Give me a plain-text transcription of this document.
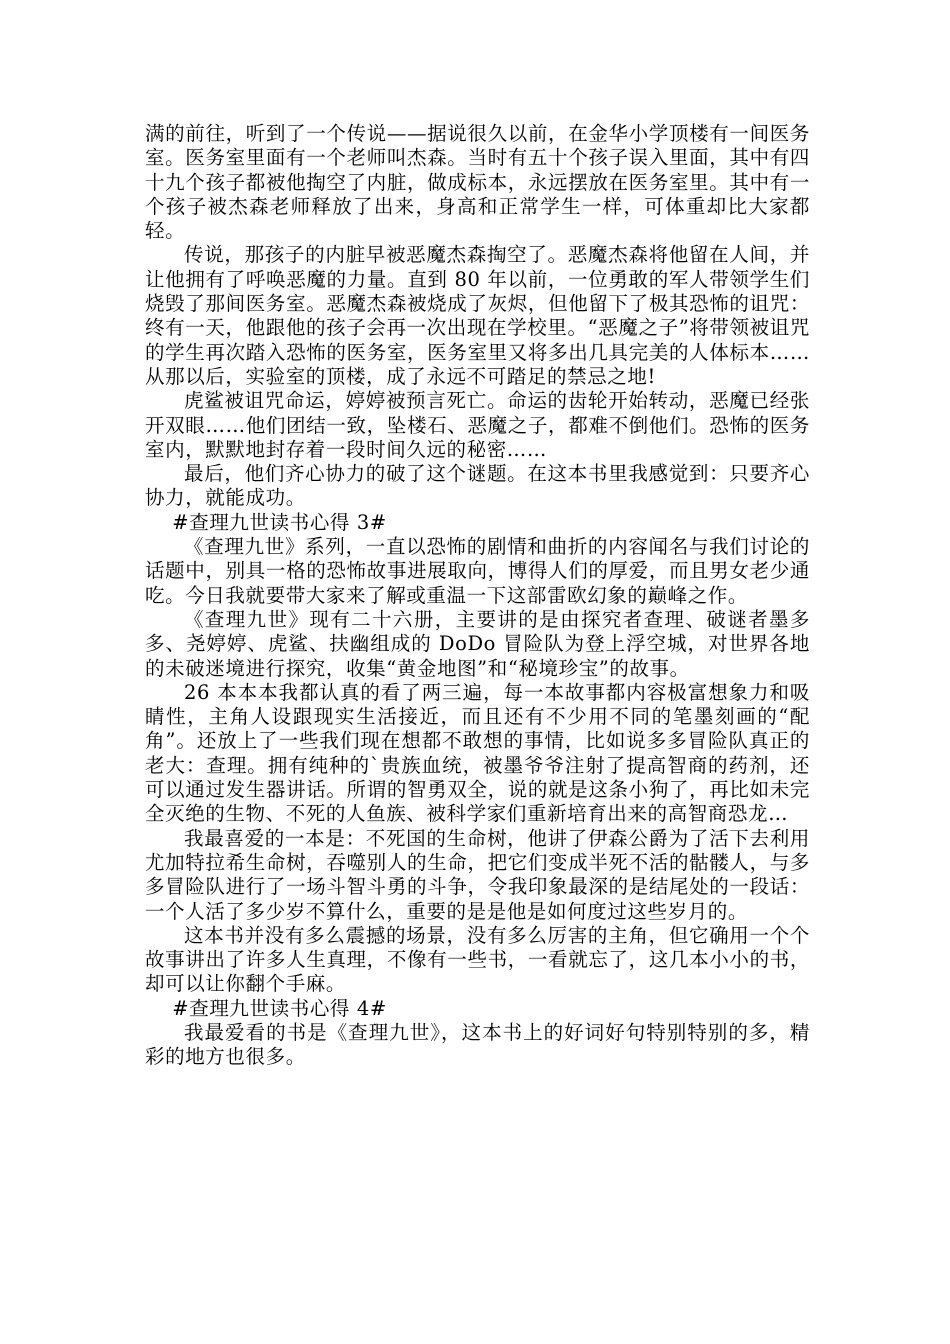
满的前往，听到了一个传说——据说很久以前，在金华小学顶楼有一间医务室。医务室里面有一个老师叫杰森。当时有五十个孩子误入里面，其中有四十九个孩子都被他掏空了内脏，做成标本，永远摆放在医务室里。其中有一个孩子被杰森老师释放了出来，身高和正常学生一样，可体重却比大家都轻。

传说，那孩子的内脏早被恶魔杰森掏空了。恶魔杰森将他留在人间，并让他拥有了呼唤恶魔的力量。直到 80 年以前，一位勇敢的军人带领学生们烧毁了那间医务室。恶魔杰森被烧成了灰烬，但他留下了极其恐怖的诅咒：终有一天，他跟他的孩子会再一次出现在学校里。“恶魔之子”将带领被诅咒的学生再次踏入恐怖的医务室，医务室里又将多出几具完美的人体标本……从那以后，实验室的顶楼，成了永远不可踏足的禁忌之地!

虎鲨被诅咒命运，婷婷被预言死亡。命运的齿轮开始转动，恶魔已经张开双眼……他们团结一致，坠楼石、恶魔之子，都难不倒他们。恐怖的医务室内，默默地封存着一段时间久远的秘密……

最后，他们齐心协力的破了这个谜题。在这本书里我感觉到：只要齐心协力，就能成功。

#查理九世读书心得 3#

《查理九世》系列，一直以恐怖的剧情和曲折的内容闻名与我们讨论的话题中，别具一格的恐怖故事进展取向，博得人们的厚爱，而且男女老少通吃。今日我就要带大家来了解或重温一下这部雷欧幻象的巅峰之作。

《查理九世》现有二十六册，主要讲的是由探究者查理、破谜者墨多多、尧婷婷、虎鲨、扶幽组成的 DoDo 冒险队为登上浮空城，对世界各地的未破迷境进行探究，收集“黄金地图”和“秘境珍宝”的故事。

26 本本本我都认真的看了两三遍，每一本故事都内容极富想象力和吸睛性，主角人设跟现实生活接近，而且还有不少用不同的笔墨刻画的“配角”。还放上了一些我们现在想都不敢想的事情，比如说多多冒险队真正的老大：查理。拥有纯种的`贵族血统，被墨爷爷注射了提高智商的药剂，还可以通过发生器讲话。所谓的智勇双全，说的就是这条小狗了，再比如未完全灭绝的生物、不死的人鱼族、被科学家们重新培育出来的高智商恐龙…

我最喜爱的一本是：不死国的生命树，他讲了伊森公爵为了活下去利用尤加特拉希生命树，吞噬别人的生命，把它们变成半死不活的骷髅人，与多多冒险队进行了一场斗智斗勇的斗争，令我印象最深的是结尾处的一段话：一个人活了多少岁不算什么，重要的是是他是如何度过这些岁月的。

这本书并没有多么震撼的场景，没有多么厉害的主角，但它确用一个个故事讲出了许多人生真理，不像有一些书，一看就忘了，这几本小小的书，却可以让你翻个手麻。

#查理九世读书心得 4#

我最爱看的书是《查理九世》，这本书上的好词好句特别特别的多，精彩的地方也很多。
